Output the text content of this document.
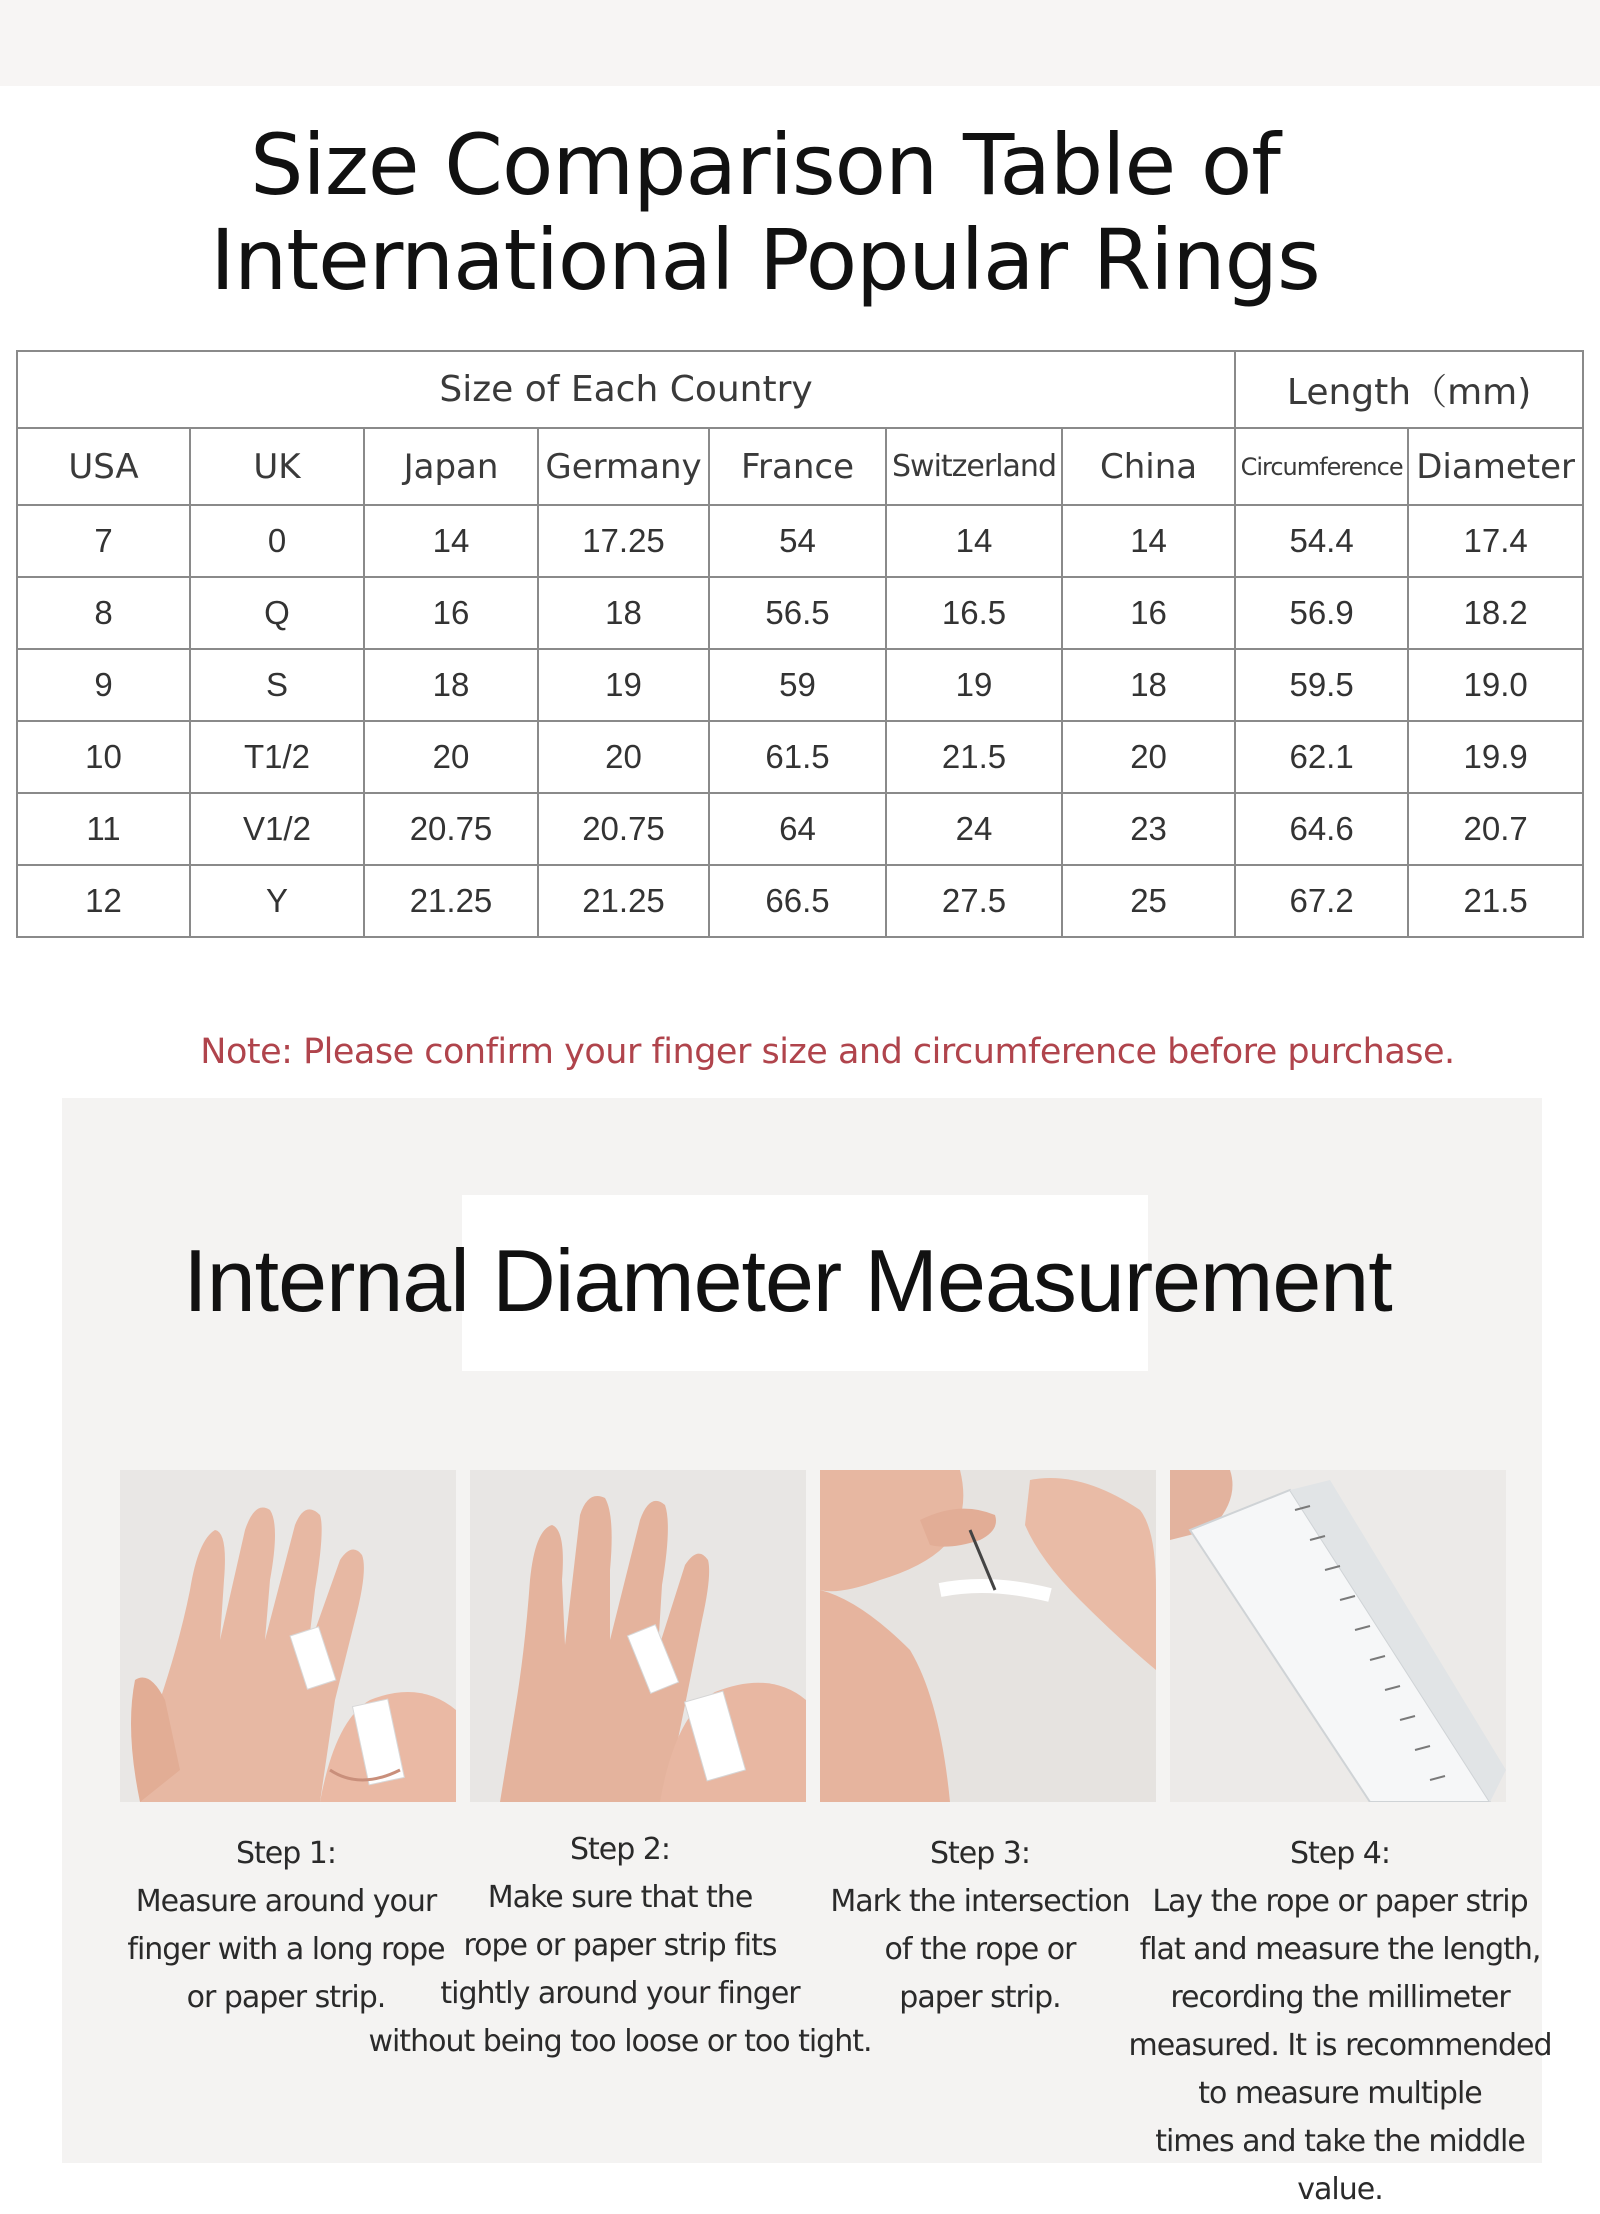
Size Comparison Table of
International Popular Rings
Size of Each Country							Length（mm)	
USA	UK	Japan	Germany	France	Switzerland	China	Circumference	Diameter
7	0	14	17.25	54	14	14	54.4	17.4
8	Q	16	18	56.5	16.5	16	56.9	18.2
9	S	18	19	59	19	18	59.5	19.0
10	T1/2	20	20	61.5	21.5	20	62.1	19.9
11	V1/2	20.75	20.75	64	24	23	64.6	20.7
12	Y	21.25	21.25	66.5	27.5	25	67.2	21.5
Note: Please confirm your finger size and circumference before purchase.
Internal Diameter Measurement
Step 1:
Measure around your
finger with a long rope
or paper strip.
Step 2:
Make sure that the
rope or paper strip fits
tightly around your finger
without being too loose or too tight.
Step 3:
Mark the intersection
of the rope or
paper strip.
Step 4:
Lay the rope or paper strip
flat and measure the length,
recording the millimeter
measured. It is recommended
to measure multiple
times and take the middle value.
